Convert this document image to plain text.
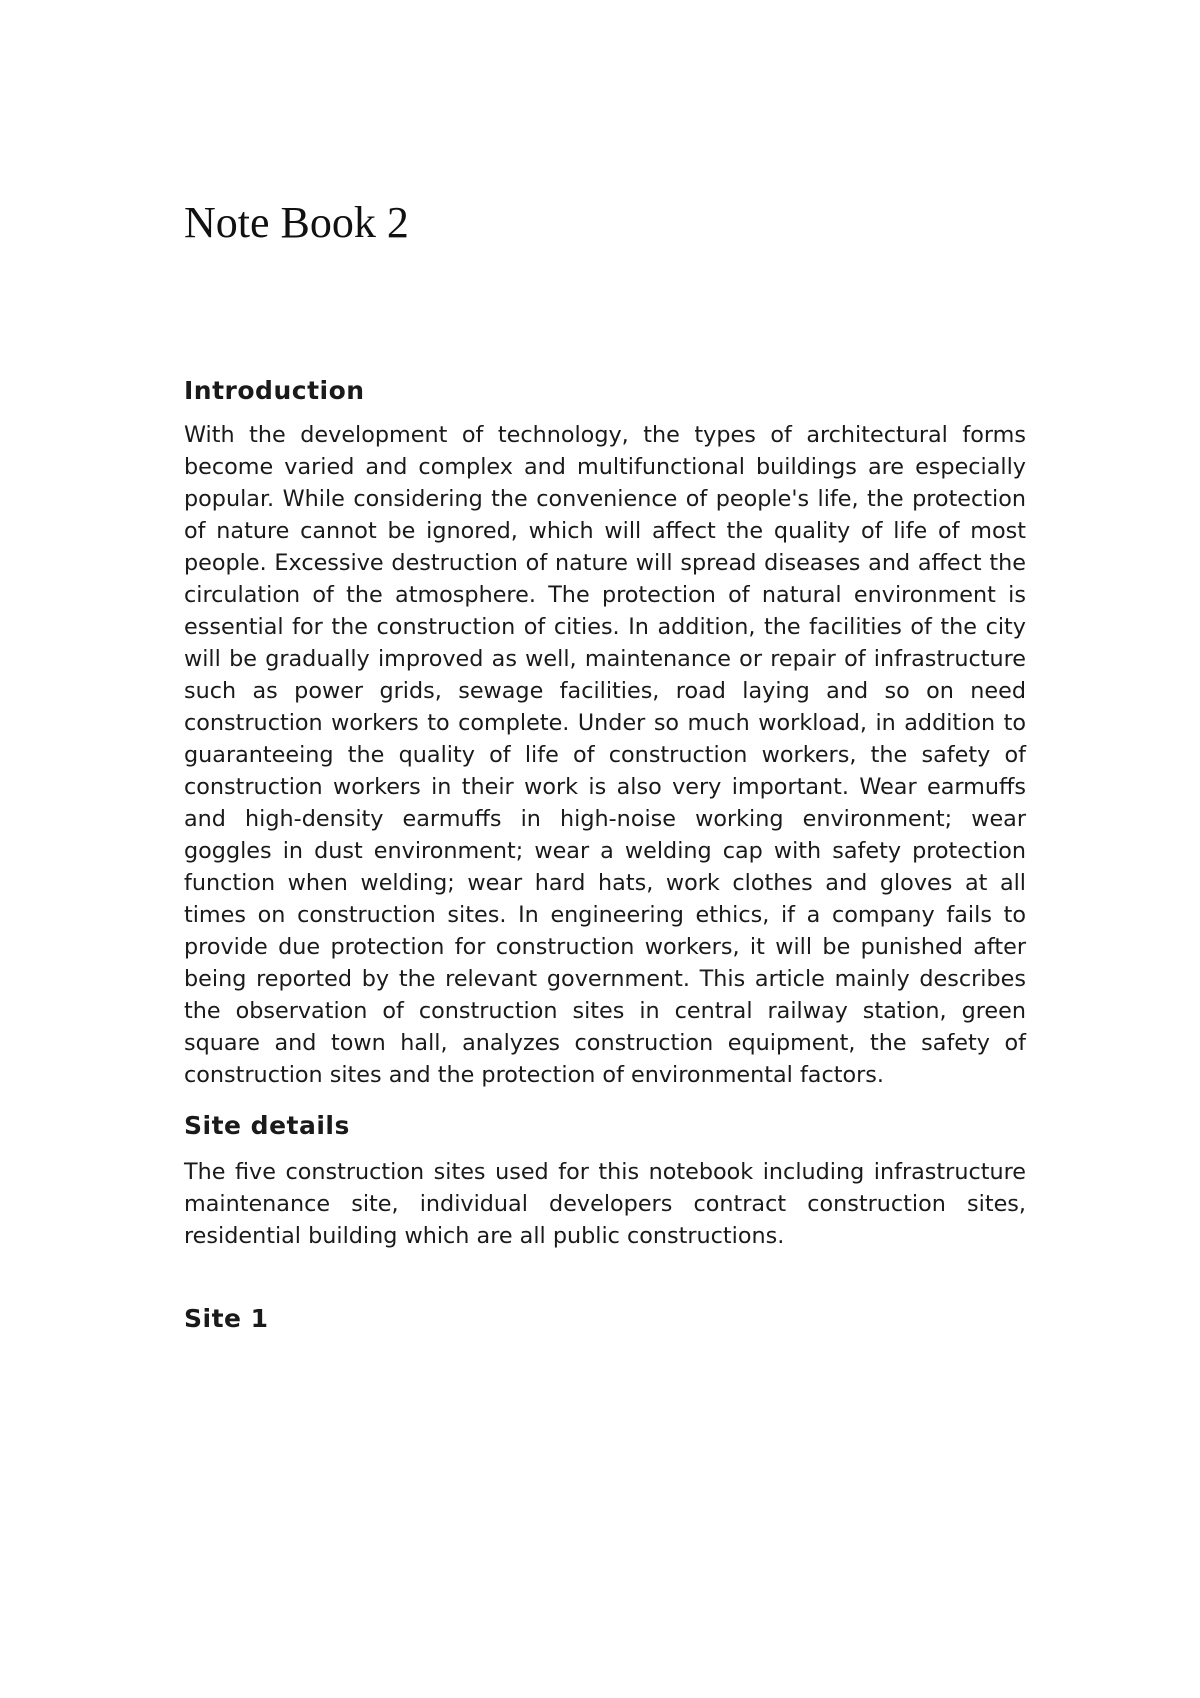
Note Book 2
Introduction

With the development of technology, the types of architectural forms become varied and complex and multifunctional buildings are especially popular. While considering the convenience of people's life, the protection of nature cannot be ignored, which will affect the quality of life of most people. Excessive destruction of nature will spread diseases and affect the circulation of the atmosphere. The protection of natural environment is essential for the construction of cities. In addition, the facilities of the city will be gradually improved as well, maintenance or repair of infrastructure such as power grids, sewage facilities, road laying and so on need construction workers to complete. Under so much workload, in addition to guaranteeing the quality of life of construction workers, the safety of construction workers in their work is also very important. Wear earmuffs and high-density earmuffs in high-noise working environment; wear goggles in dust environment; wear a welding cap with safety protection function when welding; wear hard hats, work clothes and gloves at all times on construction sites. In engineering ethics, if a company fails to provide due protection for construction workers, it will be punished after being reported by the relevant government. This article mainly describes the observation of construction sites in central railway station, green square and town hall, analyzes construction equipment, the safety of construction sites and the protection of environmental factors.

Site details

The five construction sites used for this notebook including infrastructure maintenance site, individual developers contract construction sites, residential building which are all public constructions.

Site 1
